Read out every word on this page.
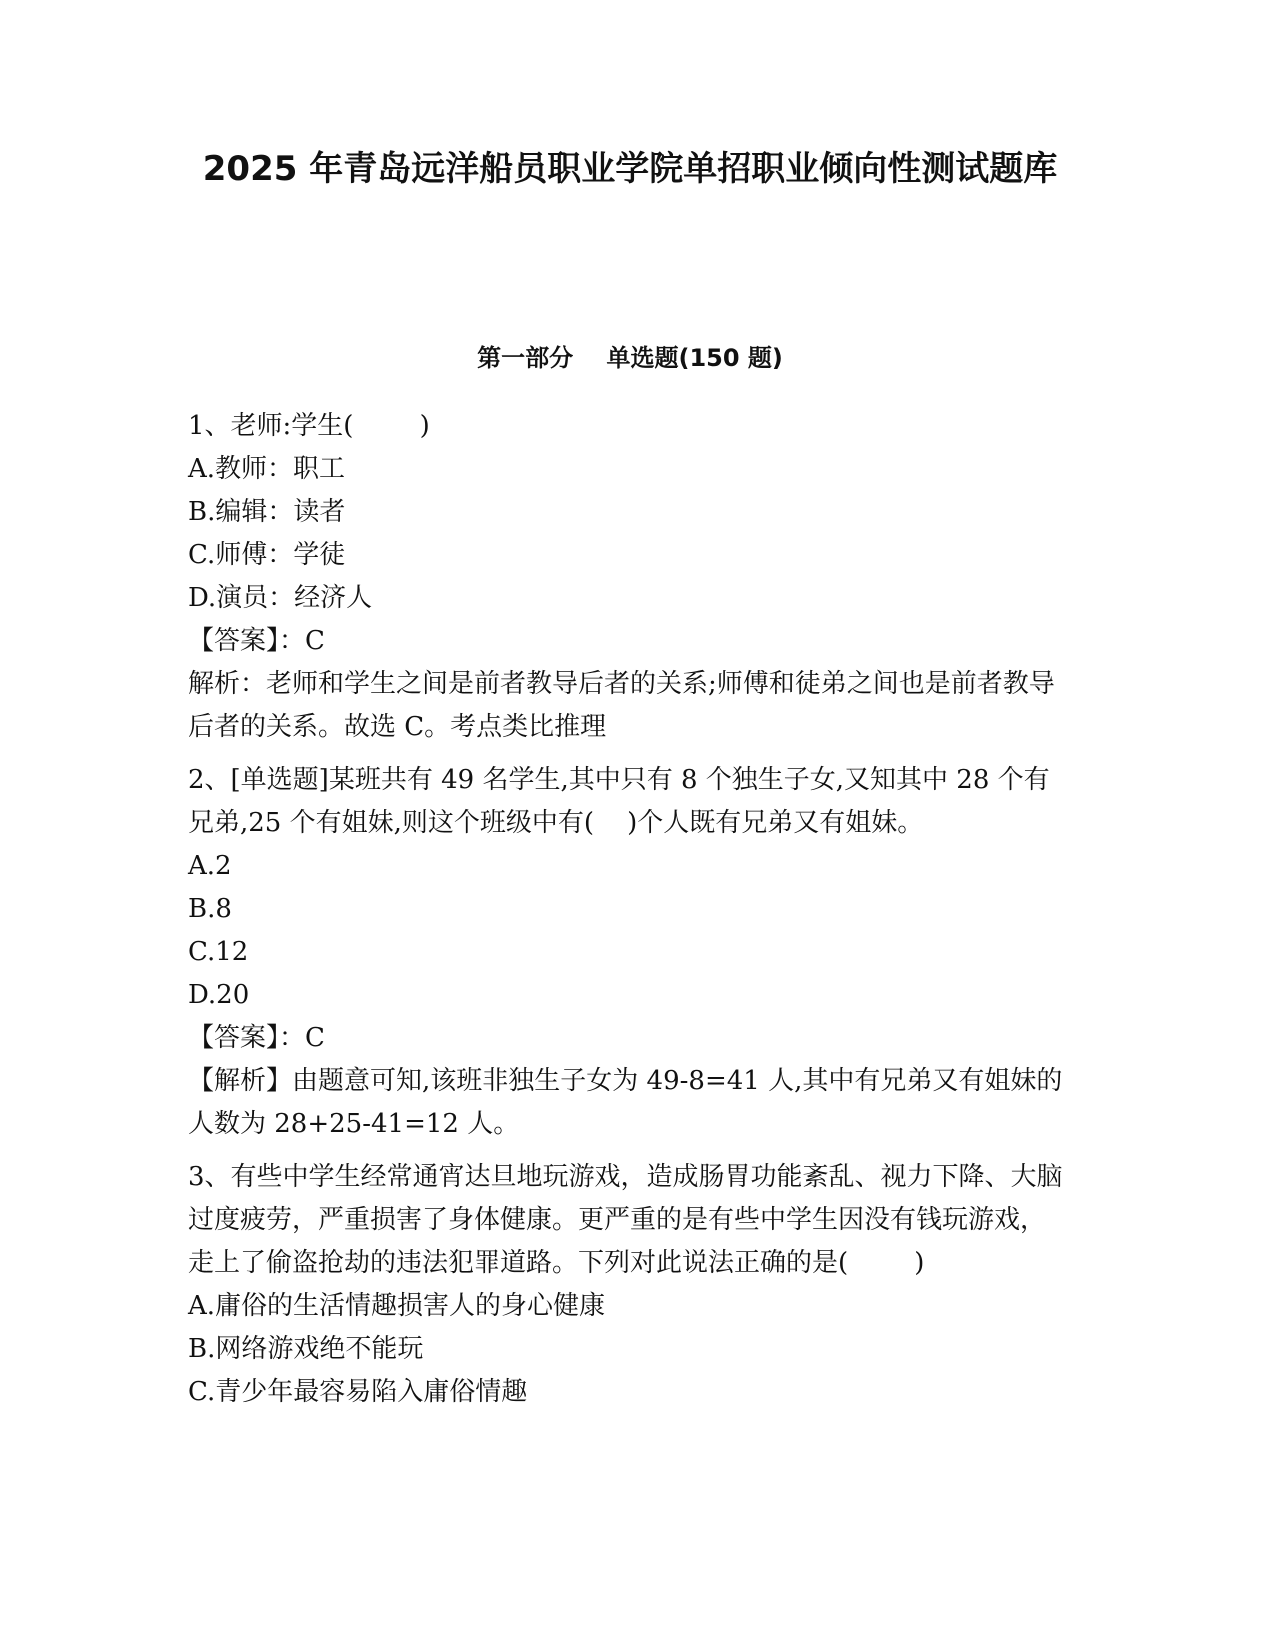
2025 年青岛远洋船员职业学院单招职业倾向性测试题库
第一部分    单选题(150 题)

1、老师:学生(        )

A.教师：职工

B.编辑：读者

C.师傅：学徒

D.演员：经济人

【答案】：C

解析：老师和学生之间是前者教导后者的关系;师傅和徒弟之间也是前者教导后者的关系。故选 C。考点类比推理

2、[单选题]某班共有 49 名学生,其中只有 8 个独生子女,又知其中 28 个有兄弟,25 个有姐妹,则这个班级中有(    )个人既有兄弟又有姐妹。

A.2

B.8

C.12

D.20

【答案】：C

【解析】由题意可知,该班非独生子女为 49-8=41 人,其中有兄弟又有姐妹的人数为 28+25-41=12 人。

3、有些中学生经常通宵达旦地玩游戏，造成肠胃功能紊乱、视力下降、大脑过度疲劳，严重损害了身体健康。更严重的是有些中学生因没有钱玩游戏，走上了偷盗抢劫的违法犯罪道路。下列对此说法正确的是(        )

A.庸俗的生活情趣损害人的身心健康

B.网络游戏绝不能玩

C.青少年最容易陷入庸俗情趣
